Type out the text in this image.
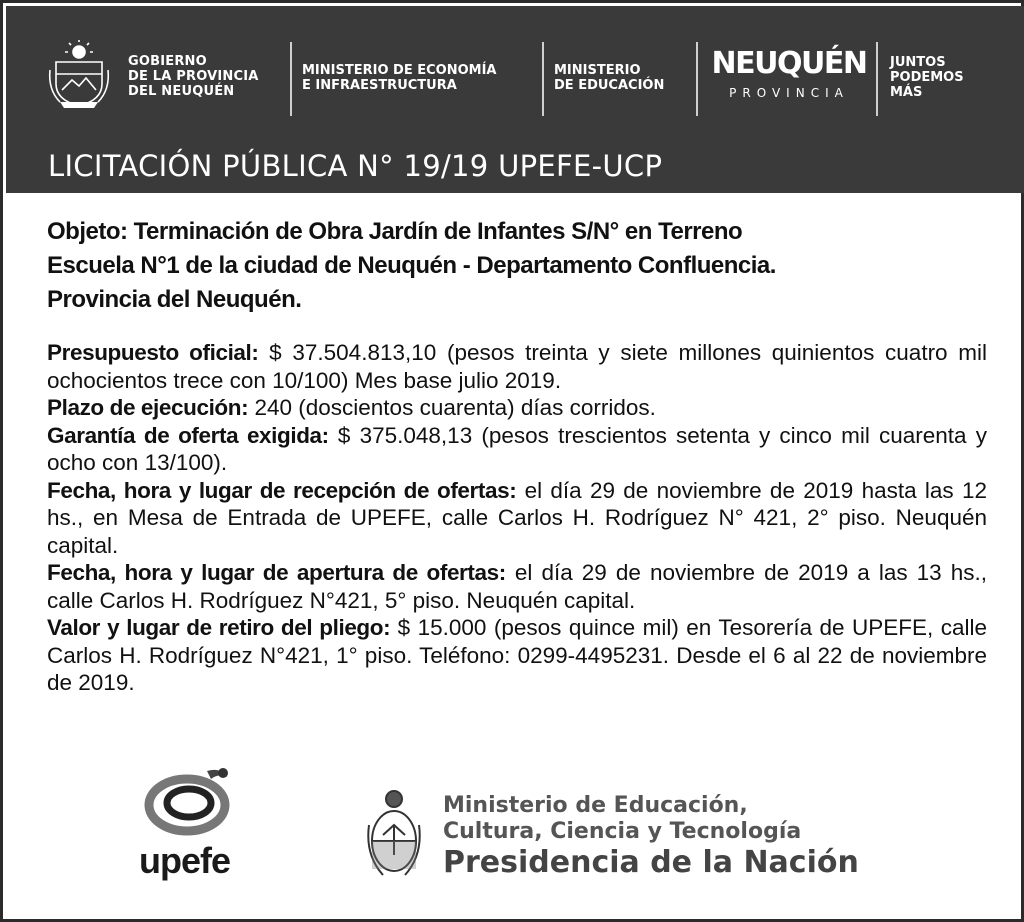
GOBIERNO
DE LA PROVINCIA
DEL NEUQUÉN
MINISTERIO DE ECONOMÍA
E INFRAESTRUCTURA
MINISTERIO
DE EDUCACIÓN
NEUQUÉN
PROVINCIA
JUNTOS
PODEMOS
MÁS
LICITACIÓN PÚBLICA N° 19/19 UPEFE-UCP
Objeto: Terminación de Obra Jardín de Infantes S/N° en Terreno
Escuela N°1 de la ciudad de Neuquén - Departamento Confluencia.
Provincia del Neuquén.

Presupuesto oficial: $ 37.504.813,10 (pesos treinta y siete millones quinientos cuatro mil ochocientos trece con 10/100) Mes base julio 2019.

Plazo de ejecución: 240 (doscientos cuarenta) días corridos.

Garantía de oferta exigida: $ 375.048,13 (pesos trescientos setenta y cinco mil cuarenta y ocho con 13/100).

Fecha, hora y lugar de recepción de ofertas: el día 29 de noviembre de 2019 hasta las 12 hs., en Mesa de Entrada de UPEFE, calle Carlos H. Rodríguez N° 421, 2° piso. Neuquén capital.

Fecha, hora y lugar de apertura de ofertas: el día 29 de noviembre de 2019 a las 13 hs., calle Carlos H. Rodríguez N°421, 5° piso. Neuquén capital.

Valor y lugar de retiro del pliego: $ 15.000 (pesos quince mil) en Tesorería de UPEFE, calle Carlos H. Rodríguez N°421, 1° piso. Teléfono: 0299-4495231. Desde el 6 al 22 de noviembre de 2019.

upefe
Ministerio de Educación,
Cultura, Ciencia y Tecnología
Presidencia de la Nación
